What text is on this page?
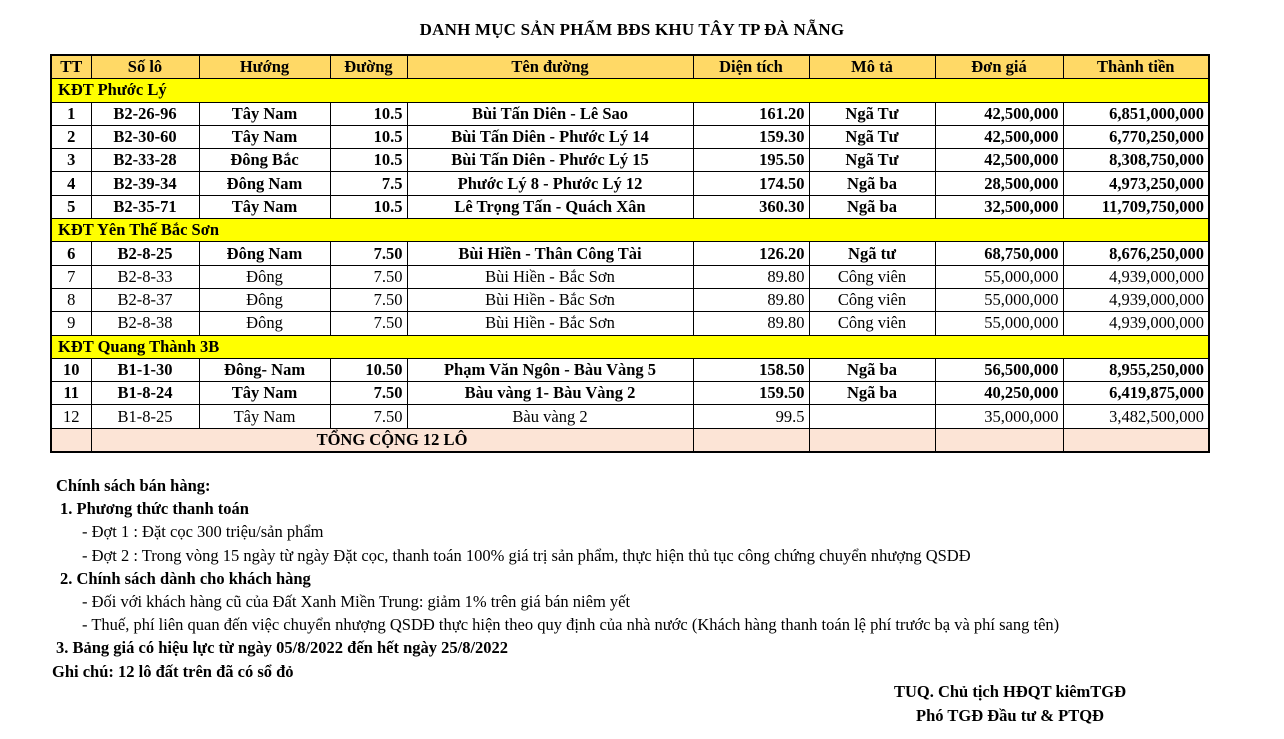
DANH MỤC SẢN PHẨM BĐS KHU TÂY TP ĐÀ NẴNG
TT	Số lô	Hướng	Đường	Tên đường	Diện tích	Mô tả	Đơn giá	Thành tiền
KĐT Phước Lý								
1	B2-26-96	Tây Nam	10.5	Bùi Tấn Diên - Lê Sao	161.20	Ngã Tư	42,500,000	6,851,000,000
2	B2-30-60	Tây Nam	10.5	Bùi Tấn Diên - Phước Lý 14	159.30	Ngã Tư	42,500,000	6,770,250,000
3	B2-33-28	Đông Bắc	10.5	Bùi Tấn Diên - Phước Lý 15	195.50	Ngã Tư	42,500,000	8,308,750,000
4	B2-39-34	Đông Nam	7.5	Phước Lý 8 - Phước Lý 12	174.50	Ngã ba	28,500,000	4,973,250,000
5	B2-35-71	Tây Nam	10.5	Lê Trọng Tấn - Quách Xân	360.30	Ngã ba	32,500,000	11,709,750,000
KĐT Yên Thế Bắc Sơn								
6	B2-8-25	Đông Nam	7.50	Bùi Hiền - Thân Công Tài	126.20	Ngã tư	68,750,000	8,676,250,000
7	B2-8-33	Đông	7.50	Bùi Hiền - Bắc Sơn	89.80	Công viên	55,000,000	4,939,000,000
8	B2-8-37	Đông	7.50	Bùi Hiền - Bắc Sơn	89.80	Công viên	55,000,000	4,939,000,000
9	B2-8-38	Đông	7.50	Bùi Hiền - Bắc Sơn	89.80	Công viên	55,000,000	4,939,000,000
KĐT Quang Thành 3B								
10	B1-1-30	Đông- Nam	10.50	Phạm Văn Ngôn - Bàu Vàng 5	158.50	Ngã ba	56,500,000	8,955,250,000
11	B1-8-24	Tây Nam	7.50	Bàu vàng 1- Bàu Vàng 2	159.50	Ngã ba	40,250,000	6,419,875,000
12	B1-8-25	Tây Nam	7.50	Bàu vàng 2	99.5		35,000,000	3,482,500,000
	TỔNG CỘNG 12 LÔ							
Chính sách bán hàng:
1. Phương thức thanh toán
- Đợt 1 : Đặt cọc 300 triệu/sản phẩm
- Đợt 2 : Trong vòng 15 ngày từ ngày Đặt cọc, thanh toán 100% giá trị sản phẩm, thực hiện thủ tục công chứng chuyển nhượng QSDĐ
2. Chính sách dành cho khách hàng
- Đối với khách hàng cũ của Đất Xanh Miền Trung: giảm 1% trên giá bán niêm yết
- Thuế, phí liên quan đến việc chuyển nhượng QSDĐ thực hiện theo quy định của nhà nước (Khách hàng thanh toán lệ phí trước bạ và phí sang tên)
3. Bảng giá có hiệu lực từ ngày 05/8/2022 đến hết ngày 25/8/2022
Ghi chú: 12 lô đất trên đã có sổ đỏ
TUQ. Chủ tịch HĐQT kiêmTGĐ
Phó TGĐ Đầu tư & PTQĐ
